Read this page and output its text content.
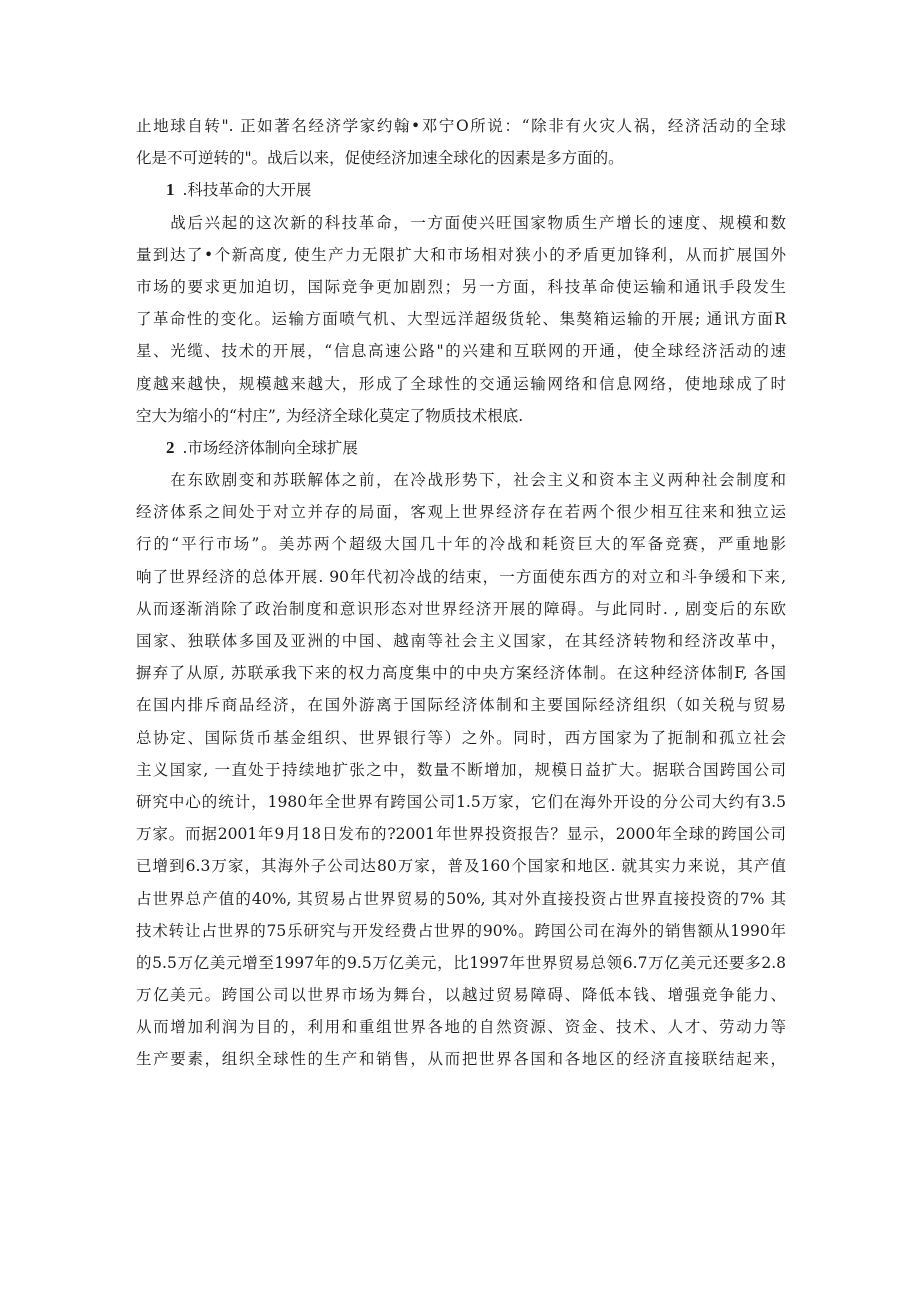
止地球自转". 正如著名经济学家约翰•邓宁O所说：“除非有火灾人祸，经济活动的全球
化是不可逆转的"。战后以来，促使经济加速全球化的因素是多方面的。
1 .科技革命的大开展
　　战后兴起的这次新的科技革命，一方面使兴旺国家物质生产增长的速度、规模和数
量到达了•个新高度, 使生产力无限扩大和市场相对狭小的矛盾更加锋利，从而扩展国外
市场的要求更加迫切，国际竞争更加剧烈；另一方面，科技革命使运输和通讯手段发生
了革命性的变化。运输方面喷气机、大型远洋超级货轮、集獒箱运输的开展; 通讯方面R
星、光缆、技术的开展，“信息高速公路"的兴建和互联网的开通，使全球经济活动的速
度越来越快，规模越来越大，形成了全球性的交通运输网络和信息网络，使地球成了时
空大为缩小的“村庄”, 为经济全球化莫定了物质技术根底.
2 .市场经济体制向全球扩展
　　在东欧剧变和苏联解体之前，在冷战形势下，社会主义和资本主义两种社会制度和
经济体系之间处于对立并存的局面，客观上世界经济存在若两个很少相互往来和独立运
行的“平行市场”。美苏两个超级大国几十年的冷战和耗资巨大的军备竞赛，严重地影
响了世界经济的总体开展. 90年代初冷战的结束，一方面使东西方的对立和斗争缓和下来,
从而逐渐消除了政治制度和意识形态对世界经济开展的障碍。与此同时. , 剧变后的东欧
国家、独联体多国及亚洲的中国、越南等社会主义国家，在其经济转物和经济改革中，
摒弃了从原, 苏联承我下来的权力高度集中的中央方案经济体制。在这种经济体制F, 各国
在国内排斥商品经济，在国外游离于国际经济体制和主要国际经济组织（如关税与贸易
总协定、国际货币基金组织、世界银行等）之外。同时，西方国家为了扼制和孤立社会
主义国家, 一直处于持续地扩张之中，数量不断增加，规模日益扩大。据联合国跨国公司
研究中心的统计，1980年全世界有跨国公司1.5万家，它们在海外开设的分公司大约有3.5
万家。而据2001年9月18日发布的?2001年世界投资报告？显示，2000年全球的跨国公司
已增到6.3万家，其海外子公司达80万家，普及160个国家和地区. 就其实力来说，其产值
占世界总产值的40%, 其贸易占世界贸易的50%, 其对外直接投资占世界直接投资的7% 其
技术转让占世界的75乐研究与开发经费占世界的90%。跨国公司在海外的销售额从1990年
的5.5万亿美元增至1997年的9.5万亿美元，比1997年世界贸易总领6.7万亿美元还要多2.8
万亿美元。跨国公司以世界市场为舞台，以越过贸易障碍、降低本钱、增强竞争能力、
从而增加利润为目的，利用和重组世界各地的自然资源、资金、技术、人才、劳动力等
生产要素，组织全球性的生产和销售，从而把世界各国和各地区的经济直接联结起来，
